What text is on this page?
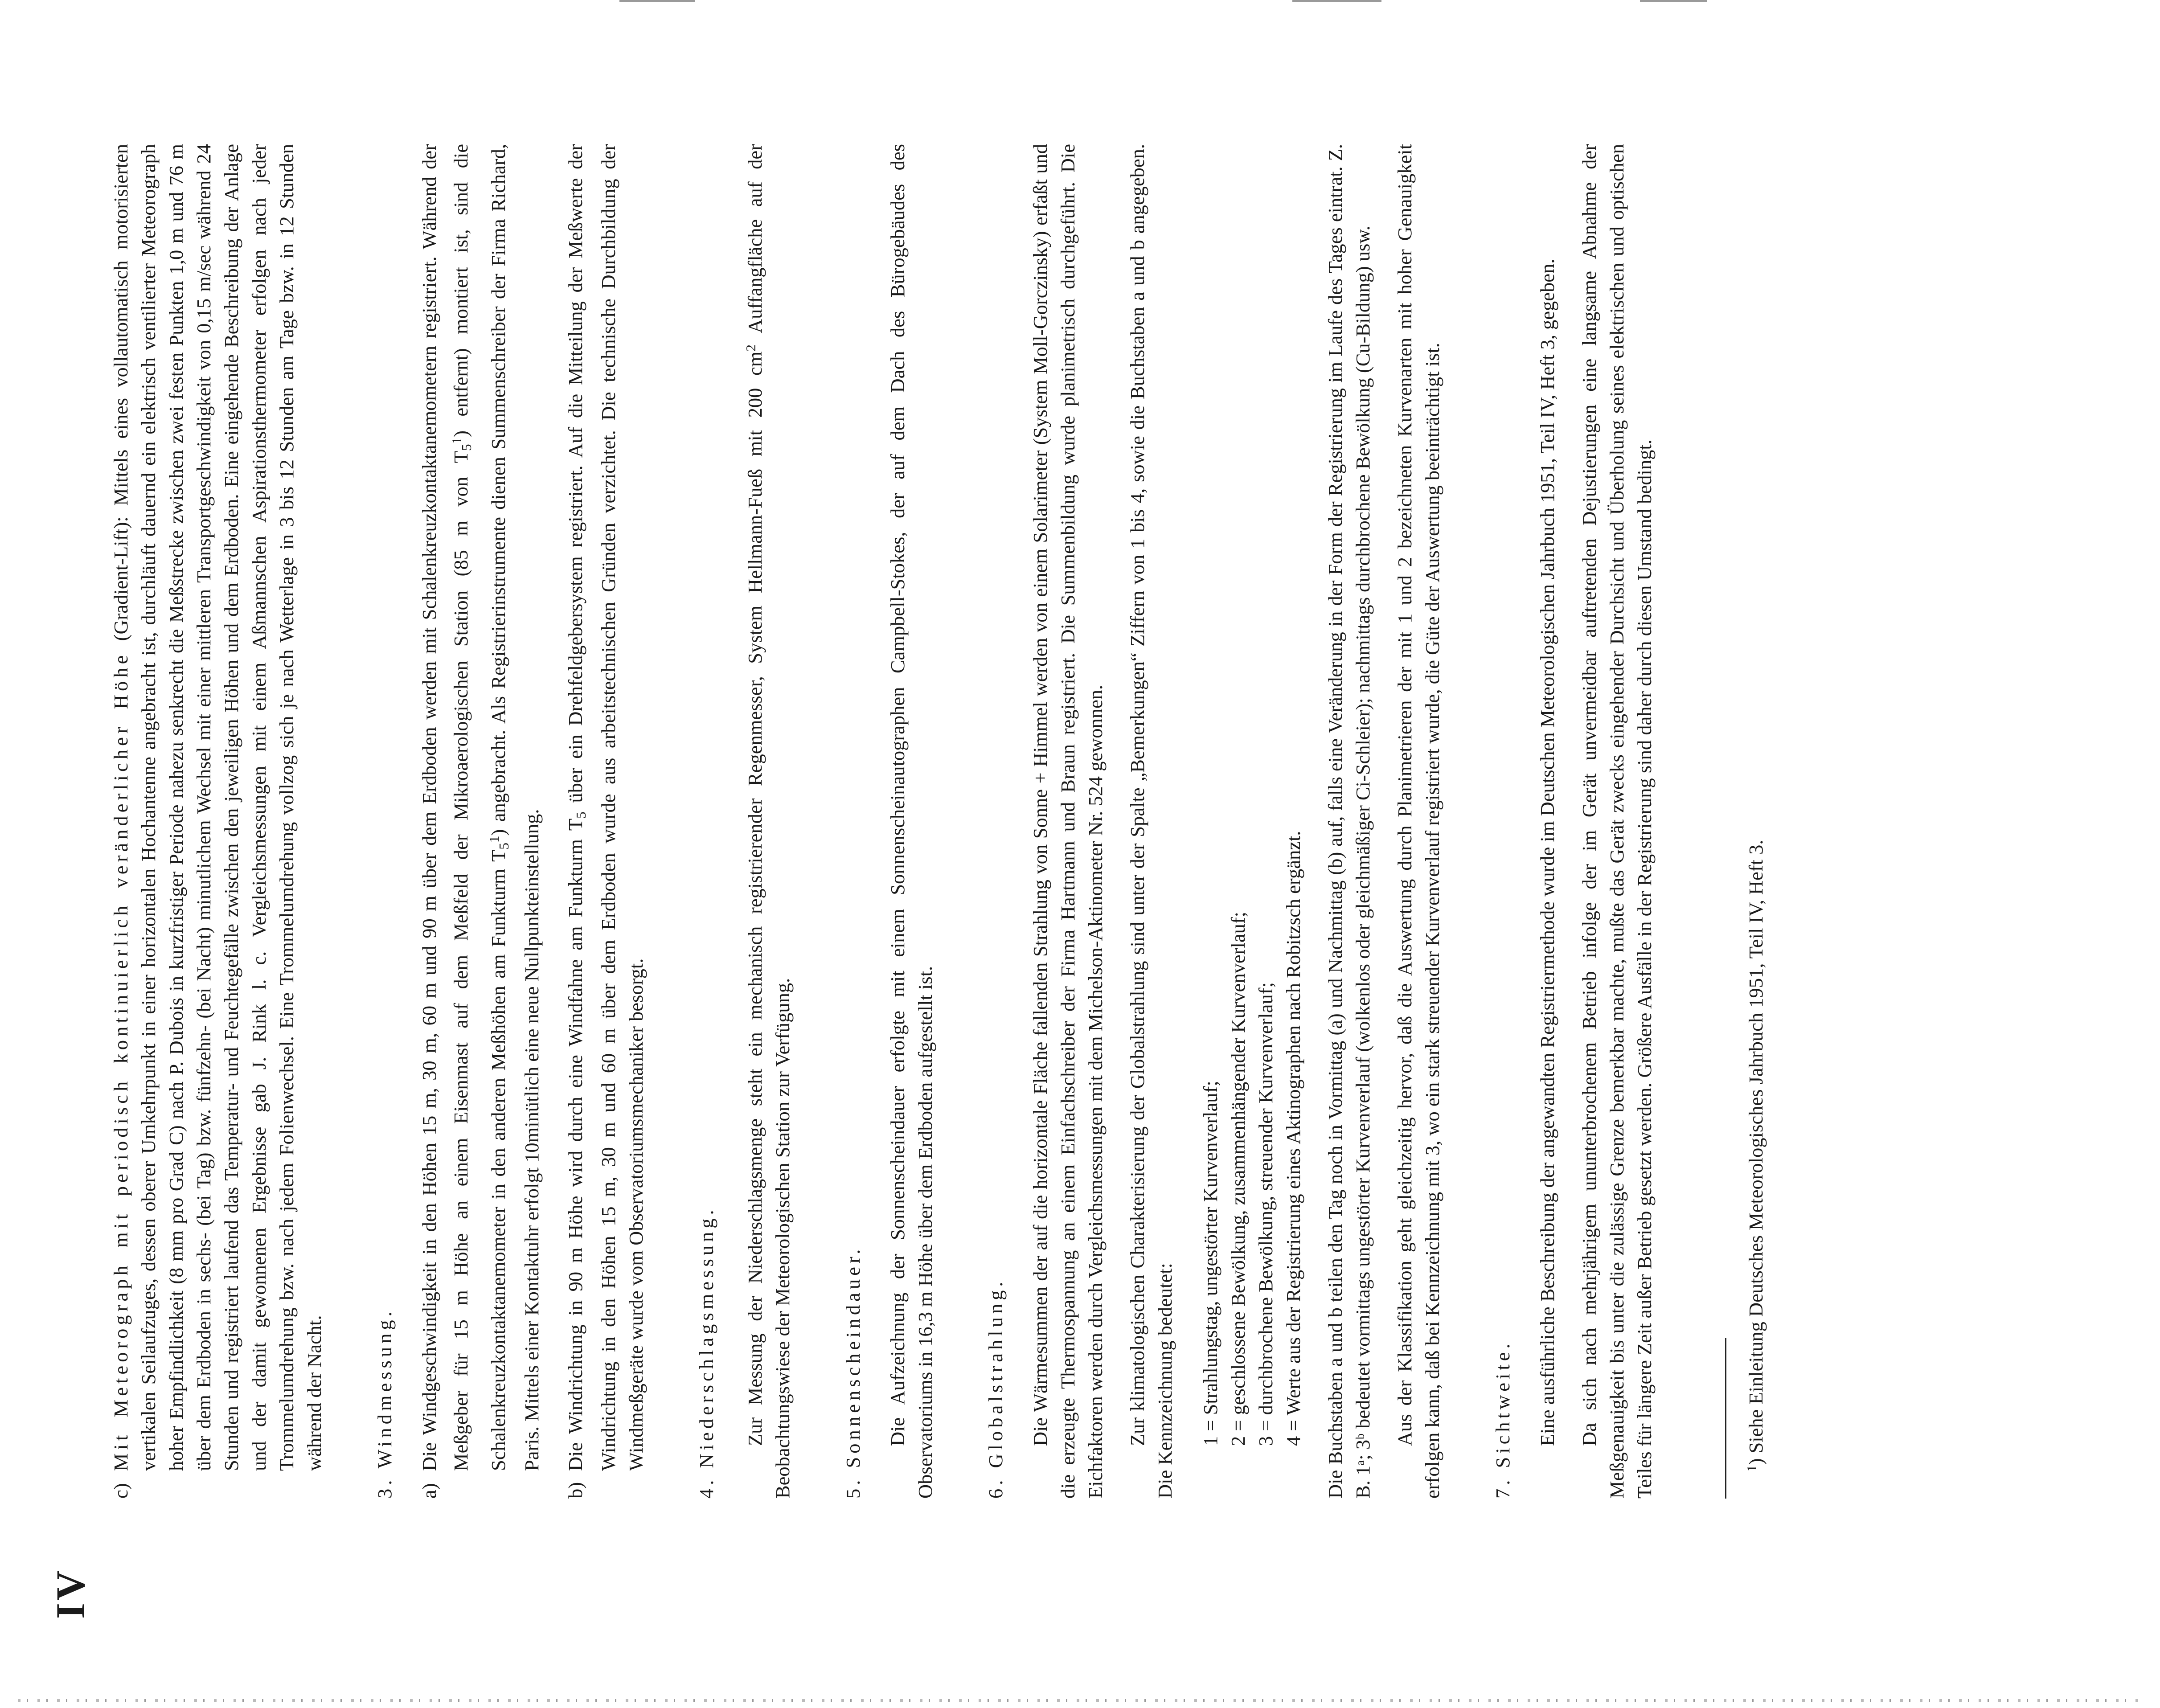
IV

c)
Mit Meteorograph mit periodisch kontinuierlich veränderlicher Höhe (Gradient-Lift): Mittels eines vollautomatisch motorisierten vertikalen Seilaufzuges, dessen oberer Umkehrpunkt in einer horizontalen Hochantenne angebracht ist, durchläuft dauernd ein elektrisch ventilierter Meteorograph hoher Empfindlichkeit (8 mm pro Grad C) nach P. Dubois in kurzfristiger Periode nahezu senkrecht die Meßstrecke zwischen zwei festen Punkten 1,0 m und 76 m über dem Erdboden in sechs- (bei Tag) bzw. fünfzehn- (bei Nacht) minutlichem Wechsel mit einer mittleren Transportgeschwindigkeit von 0,15 m/sec während 24 Stunden und registriert laufend das Temperatur- und Feuchtegefälle zwischen den jeweiligen Höhen und dem Erdboden. Eine eingehende Beschreibung der Anlage und der damit gewonnenen Ergebnisse gab J. Rink l. c. Vergleichsmessungen mit einem Aßmannschen Aspirationsthermometer erfolgen nach jeder Trommelumdrehung bzw. nach jedem Folienwechsel. Eine Trommelumdrehung vollzog sich je nach Wetterlage in 3 bis 12 Stunden am Tage bzw. in 12 Stunden während der Nacht. 3. Windmessung. a)
Die Windgeschwindigkeit in den Höhen 15 m, 30 m, 60 m und 90 m über dem Erdboden werden mit Schalenkreuzkontaktanemometern registriert. Während der Meßgeber für 15 m Höhe an einem Eisenmast auf dem Meßfeld der Mikroaerologischen Station (85 m von $T_5^1$) entfernt) montiert ist, sind die Schalenkreuzkontaktanemometer in den anderen Meßhöhen am Funkturm $T_5^1$) angebracht. Als Registrierinstrumente dienen Summenschreiber der Firma Richard, Paris. Mittels einer Kontaktuhr erfolgt 10minütlich eine neue Nullpunkteinstellung.

b)
Die Windrichtung in 90 m Höhe wird durch eine Windfahne am Funkturm $T_5$ über ein Drehfeldgebersystem registriert. Auf die Mitteilung der Meßwerte der Windrichtung in den Höhen 15 m, 30 m und 60 m über dem Erdboden wurde aus arbeitstechnischen Gründen verzichtet. Die technische Durchbildung der Windmeßgeräte wurde vom Observatoriumsmechaniker besorgt. 4. Niederschlagsmessung.	Zur Messung der Niederschlagsmenge steht ein mechanisch registrierender Regenmesser, System Hellmann-Fueß mit 200 $cm^2$ Auffangfläche auf der Beobachtungswiese der Meteorologischen Station zur Verfügung. 5. Sonnenscheindauer. Die Aufzeichnung der Sonnenscheindauer erfolgte mit einem Sonnenscheinautographen Campbell-Stokes, der auf dem Dach des Bürogebäudes des Observatoriums in 16,3 m Höhe über dem Erdboden aufgestellt ist. 6. Globalstrahlung. Die Wärmesummen der auf die horizontale Fläche fallenden Strahlung von Sonne + Himmel werden von einem Solarimeter (System Moll-Gorczinsky) erfaßt und die erzeugte Thermospannung an einem Einfachschreiber der Firma Hartmann und Braun registriert. Die Summenbildung wurde planimetrisch durchgeführt. Die Eichfaktoren werden durch Vergleichsmessungen mit dem Michelson-Aktinometer Nr. 524 gewonnen. Zur klimatologischen Charakterisierung der Globalstrahlung sind unter der Spalte „Bemerkungen“ Ziffern von 1 bis 4, sowie die Buchstaben a und b angegeben. Die Kennzeichnung bedeutet: 1 = Strahlungstag, ungestörter Kurvenverlauf; 2 = geschlossene Bewölkung, zusammenhängender Kurvenverlauf; 3 = durchbrochene Bewölkung, streuender Kurvenverlauf; 4 = Werte aus der Registrierung eines Aktinographen nach Robitzsch ergänzt. Die Buchstaben a und b teilen den Tag noch in Vormittag (a) und Nachmittag (b) auf, falls eine Veränderung in der Form der Registrierung im Laufe des Tages eintrat. Z. B. 1ᵃ; 3ᵇ bedeutet vormittags ungestörter Kurvenverlauf (wolkenlos oder gleichmäßiger Ci-Schleier); nachmittags durchbrochene Bewölkung (Cu-Bildung) usw. Aus der Klassifikation geht gleichzeitig hervor, daß die Auswertung durch Planimetrieren der mit 1 und 2 bezeichneten Kurvenarten mit hoher Genauigkeit erfolgen kann, daß bei Kennzeichnung mit 3, wo ein stark streuender Kurvenverlauf registriert wurde, die Güte der Auswertung beeinträchtigt ist. 7. Sichtweite. Eine ausführliche Beschreibung der angewandten Registriermethode wurde im Deutschen Meteorologischen Jahrbuch 1951, Teil IV, Heft 3, gegeben. Da sich nach mehrjährigem ununterbrochenem Betrieb infolge der im Gerät unvermeidbar auftretenden Dejustierungen eine langsame Abnahme der Meßgenauigkeit bis unter die zulässige Grenze bemerkbar machte, mußte das Gerät zwecks eingehender Durchsicht und Überholung seines elektrischen und optischen Teiles für längere Zeit außer Betrieb gesetzt werden. Größere Ausfälle in der Registrierung sind daher durch diesen Umstand bedingt.	$^1$) Siehe Einleitung Deutsches Meteorologisches Jahrbuch 1951, Teil IV, Heft 3.
